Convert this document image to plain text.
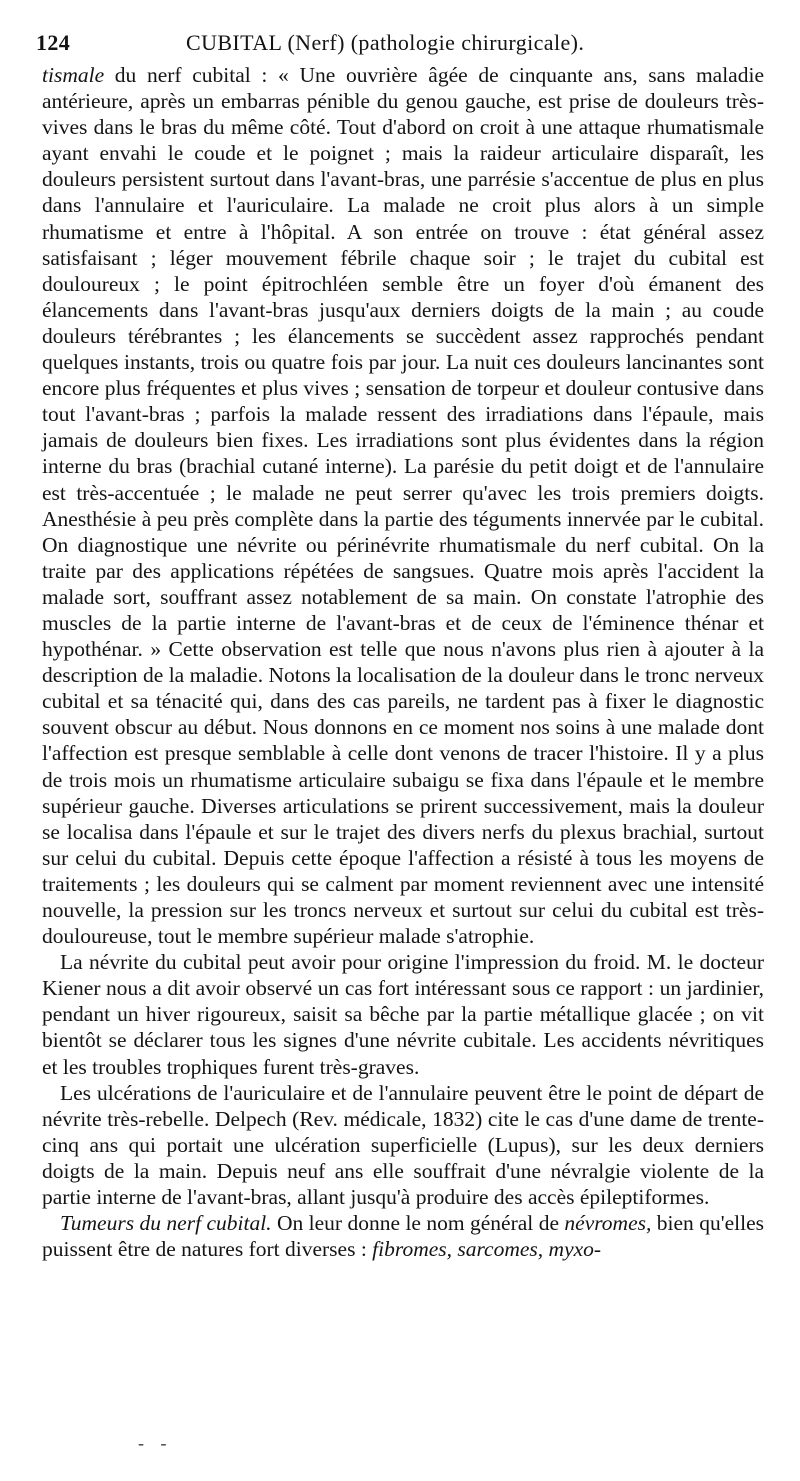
124	CUBITAL (Nerf) (pathologie chirurgicale).

tismale du nerf cubital : « Une ouvrière âgée de cinquante ans, sans maladie antérieure, après un embarras pénible du genou gauche, est prise de douleurs très-vives dans le bras du même côté. Tout d'abord on croit à une attaque rhumatismale ayant envahi le coude et le poignet ; mais la raideur articulaire disparaît, les douleurs persistent surtout dans l'avant-bras, une parrésie s'accentue de plus en plus dans l'annulaire et l'auriculaire. La malade ne croit plus alors à un simple rhumatisme et entre à l'hôpital. A son entrée on trouve : état général assez satisfaisant ; léger mouvement fébrile chaque soir ; le trajet du cubital est douloureux ; le point épitrochléen semble être un foyer d'où émanent des élancements dans l'avant-bras jusqu'aux derniers doigts de la main ; au coude douleurs térébrantes ; les élancements se succèdent assez rapprochés pendant quelques instants, trois ou quatre fois par jour. La nuit ces douleurs lancinantes sont encore plus fréquentes et plus vives ; sensation de torpeur et douleur contusive dans tout l'avant-bras ; parfois la malade ressent des irradiations dans l'épaule, mais jamais de douleurs bien fixes. Les irradiations sont plus évidentes dans la région interne du bras (brachial cutané interne). La parésie du petit doigt et de l'annulaire est très-accentuée ; le malade ne peut serrer qu'avec les trois premiers doigts. Anesthésie à peu près complète dans la partie des téguments innervée par le cubital. On diagnostique une névrite ou périnévrite rhumatismale du nerf cubital. On la traite par des applications répétées de sangsues. Quatre mois après l'accident la malade sort, souffrant assez notablement de sa main. On constate l'atrophie des muscles de la partie interne de l'avant-bras et de ceux de l'éminence thénar et hypothénar. » Cette observation est telle que nous n'avons plus rien à ajouter à la description de la maladie. Notons la localisation de la douleur dans le tronc nerveux cubital et sa ténacité qui, dans des cas pareils, ne tardent pas à fixer le diagnostic souvent obscur au début. Nous donnons en ce moment nos soins à une malade dont l'affection est presque semblable à celle dont venons de tracer l'histoire. Il y a plus de trois mois un rhumatisme articulaire subaigu se fixa dans l'épaule et le membre supérieur gauche. Diverses articulations se prirent successivement, mais la douleur se localisa dans l'épaule et sur le trajet des divers nerfs du plexus brachial, surtout sur celui du cubital. Depuis cette époque l'affection a résisté à tous les moyens de traitements ; les douleurs qui se calment par moment reviennent avec une intensité nouvelle, la pression sur les troncs nerveux et surtout sur celui du cubital est très-douloureuse, tout le membre supérieur malade s'atrophie.

La névrite du cubital peut avoir pour origine l'impression du froid. M. le docteur Kiener nous a dit avoir observé un cas fort intéressant sous ce rapport : un jardinier, pendant un hiver rigoureux, saisit sa bêche par la partie métallique glacée ; on vit bientôt se déclarer tous les signes d'une névrite cubitale. Les accidents névritiques et les troubles trophiques furent très-graves.

Les ulcérations de l'auriculaire et de l'annulaire peuvent être le point de départ de névrite très-rebelle. Delpech (Rev. médicale, 1832) cite le cas d'une dame de trente-cinq ans qui portait une ulcération superficielle (Lupus), sur les deux derniers doigts de la main. Depuis neuf ans elle souffrait d'une névralgie violente de la partie interne de l'avant-bras, allant jusqu'à produire des accès épileptiformes.

Tumeurs du nerf cubital. On leur donne le nom général de névromes, bien qu'elles puissent être de natures fort diverses : fibromes, sarcomes, myxo-

- -
